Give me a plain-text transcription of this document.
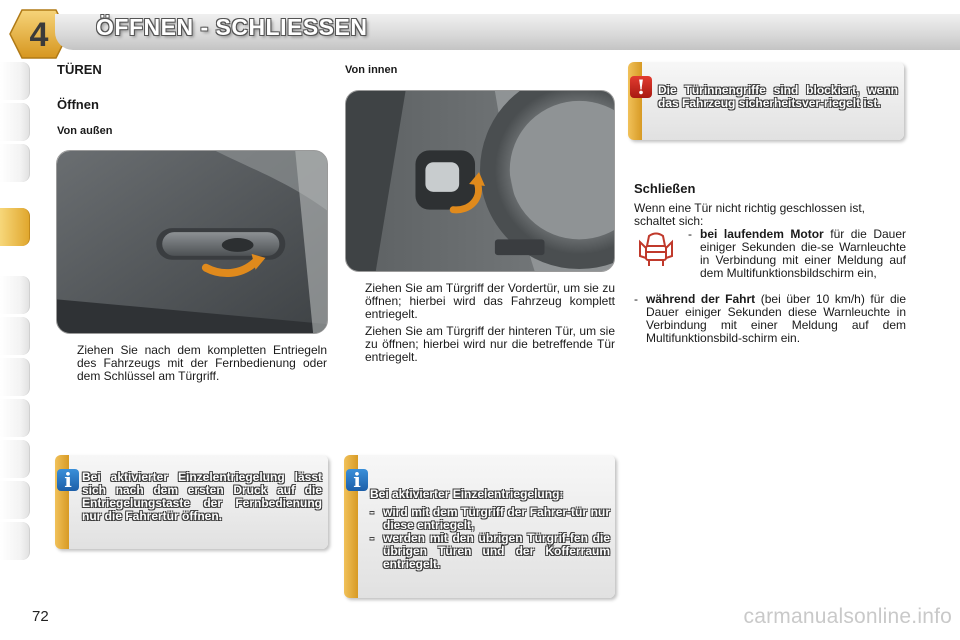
4 ÖFFNEN - SCHLIESSEN
TÜREN
Öffnen
Von außen
Ziehen Sie nach dem kompletten Entriegeln des Fahrzeugs mit der Fernbedienung oder dem Schlüssel am Türgriff.
Von innen
Ziehen Sie am Türgriff der Vordertür, um sie zu öffnen; hierbei wird das Fahrzeug komplett entriegelt.
Ziehen Sie am Türgriff der hinteren Tür, um sie zu öffnen; hierbei wird nur die betreffende Tür entriegelt.
!	Die Türinnengriffe sind blockiert, wenn das Fahrzeug sicherheitsver-riegelt ist.
i Bei aktivierter Einzelentriegelung lässt sich nach dem ersten Druck auf die Entriegelungstaste der Fernbedienung nur die Fahrertür öffnen.
i
Bei aktivierter Einzelentriegelung:
- wird mit dem Türgriff der Fahrer-tür nur diese entriegelt,
- werden mit den übrigen Türgrif-fen die übrigen Türen und der Kofferraum entriegelt.
Schließen
Wenn eine Tür nicht richtig geschlossen ist, schaltet sich:
- bei laufendem Motor für die Dauer einiger Sekunden die-se Warnleuchte in Verbindung mit einer Meldung auf dem Multifunktionsbildschirm ein,
- während der Fahrt (bei über 10 km/h) für die Dauer einiger Sekunden diese Warnleuchte in Verbindung mit einer Meldung auf dem Multifunktionsbild-schirm ein.
72	carmanualsonline.info
